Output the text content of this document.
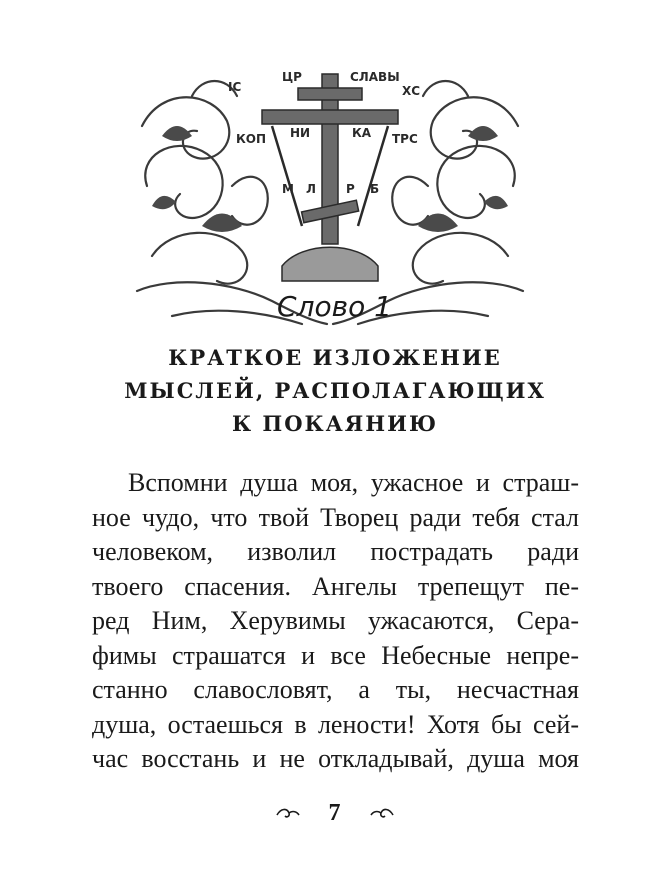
IC
ЦР	СЛАВЫ
ХС
НИ	КА
КОП	ТРС
М Л	Р Б
Слово 1
КРАТКОЕ ИЗЛОЖЕНИЕ
МЫСЛЕЙ, РАСПОЛАГАЮЩИХ
К ПОКАЯНИЮ

Вспомни душа моя, ужасное и страш-
ное чудо, что твой Творец ради тебя стал
человеком, изволил пострадать ради
твоего спасения. Ангелы трепещут пе-
ред Ним, Херувимы ужасаются, Сера-
фимы страшатся и все Небесные непре-
станно славословят, а ты, несчастная
душа, остаешься в лености! Хотя бы сей-
час восстань и не откладывай, душа моя

7
